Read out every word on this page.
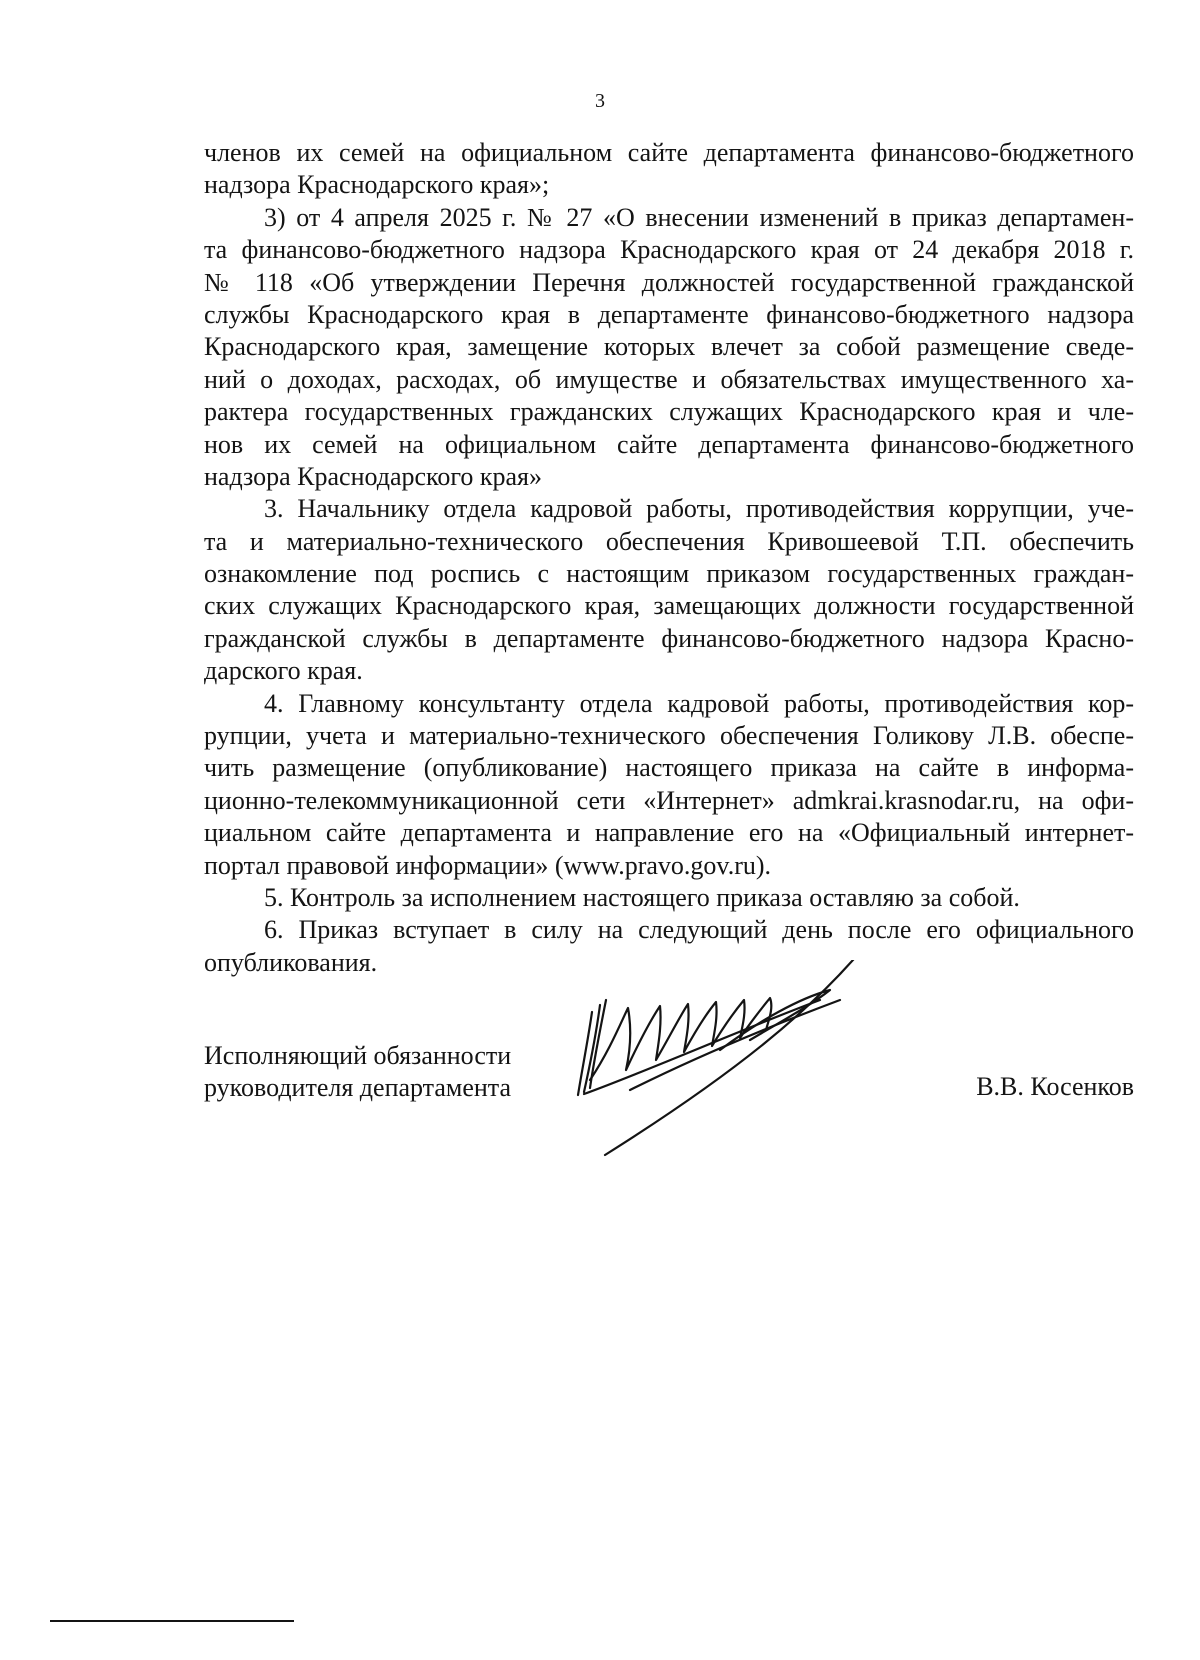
3
членов их семей на официальном сайте департамента финансово-бюджетного
надзора Краснодарского края»;
3) от 4 апреля 2025 г. № 27 «О внесении изменений в приказ департамен-
та финансово-бюджетного надзора Краснодарского края от 24 декабря 2018 г.
№ 118 «Об утверждении Перечня должностей государственной гражданской
службы Краснодарского края в департаменте финансово-бюджетного надзора
Краснодарского края, замещение которых влечет за собой размещение сведе-
ний о доходах, расходах, об имуществе и обязательствах имущественного ха-
рактера государственных гражданских служащих Краснодарского края и чле-
нов их семей на официальном сайте департамента финансово-бюджетного
надзора Краснодарского края»
3. Начальнику отдела кадровой работы, противодействия коррупции, уче-
та и материально-технического обеспечения Кривошеевой Т.П. обеспечить
ознакомление под роспись с настоящим приказом государственных граждан-
ских служащих Краснодарского края, замещающих должности государственной
гражданской службы в департаменте финансово-бюджетного надзора Красно-
дарского края.
4. Главному консультанту отдела кадровой работы, противодействия кор-
рупции, учета и материально-технического обеспечения Голикову Л.В. обеспе-
чить размещение (опубликование) настоящего приказа на сайте в информа-
ционно-телекоммуникационной сети «Интернет» admkrai.krasnodar.ru, на офи-
циальном сайте департамента и направление его на «Официальный интернет-
портал правовой информации» (www.pravo.gov.ru).
5. Контроль за исполнением настоящего приказа оставляю за собой.
6. Приказ вступает в силу на следующий день после его официального
опубликования.
Исполняющий обязанности
руководителя департамента	В.В. Косенков
